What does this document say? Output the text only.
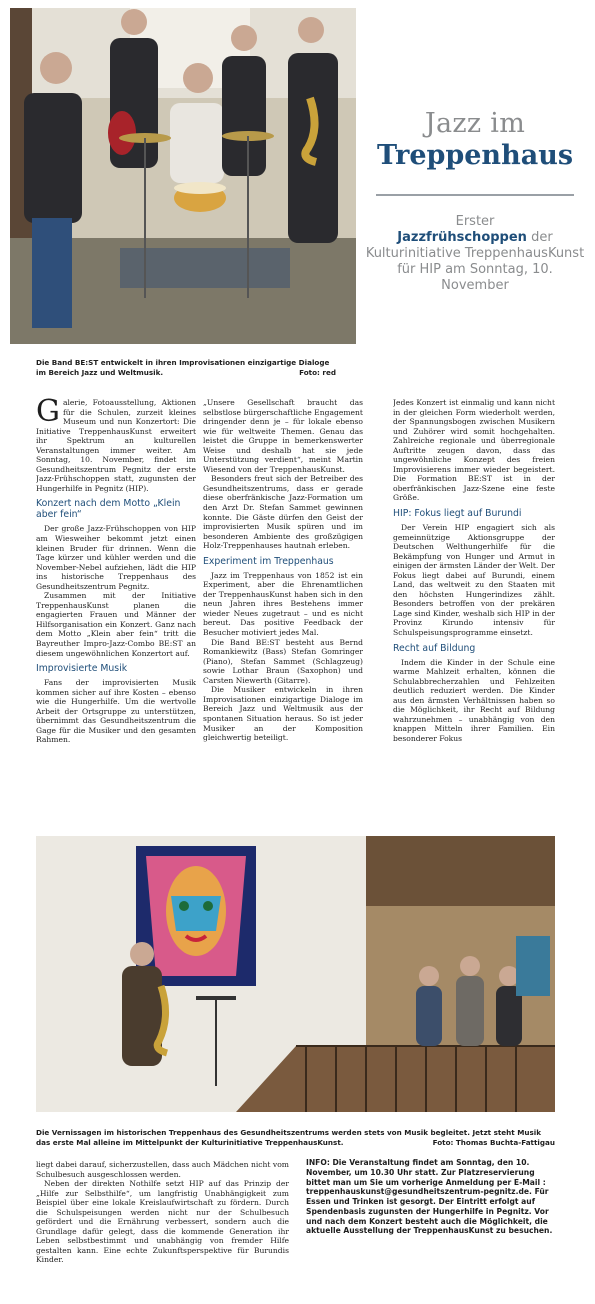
Jazz im
Treppenhaus
Erster
Jazzfrühschoppen der Kulturinitiative TreppenhausKunst für HIP am Sonntag, 10. November
Die Band BE:ST entwickelt in ihren Improvisationen einzigartige Dialoge im Bereich Jazz und Weltmusik.	Foto: red

Galerie, Fotoausstellung, Aktionen für die Schulen, zurzeit kleines Museum und nun Konzertort: Die Initiative TreppenhausKunst erweitert ihr Spektrum an kulturellen Veranstaltungen immer weiter. Am Sonntag, 10. November, findet im Gesundheitszentrum Pegnitz der erste Jazz-Frühschoppen statt, zugunsten der Hungerhilfe in Pegnitz (HIP).

Konzert nach dem Motto „Klein aber fein“

Der große Jazz-Frühschoppen von HIP am Wiesweiher bekommt jetzt einen kleinen Bruder für drinnen. Wenn die Tage kürzer und kühler werden und die November-Nebel aufziehen, lädt die HIP ins historische Treppenhaus des Gesundheitszentrum Pegnitz.

Zusammen mit der Initiative TreppenhausKunst planen die engagierten Frauen und Männer der Hilfsorganisation ein Konzert. Ganz nach dem Motto „Klein aber fein“ tritt die Bayreuther Impro-Jazz-Combo BE:ST an diesem ungewöhnlichen Konzertort auf.

Improvisierte Musik

Fans der improvisierten Musik kommen sicher auf ihre Kosten – ebenso wie die Hungerhilfe. Um die wertvolle Arbeit der Ortsgruppe zu unterstützen, übernimmt das Gesundheitszentrum die Gage für die Musiker und den gesamten Rahmen.

„Unsere Gesellschaft braucht das selbstlose bürgerschaftliche Engagement dringender denn je – für lokale ebenso wie für weltweite Themen. Genau das leistet die Gruppe in bemerkenswerter Weise und deshalb hat sie jede Unterstützung verdient“, meint Martin Wiesend von der TreppenhausKunst.

Besonders freut sich der Betreiber des Gesundheitszentrums, dass er gerade diese oberfränkische Jazz-Formation um den Arzt Dr. Stefan Sammet gewinnen konnte. Die Gäste dürfen den Geist der improvisierten Musik spüren und im besonderen Ambiente des großzügigen Holz-Treppenhauses hautnah erleben.

Experiment im Treppenhaus

Jazz im Treppenhaus von 1852 ist ein Experiment, aber die Ehrenamtlichen der TreppenhausKunst haben sich in den neun Jahren ihres Bestehens immer wieder Neues zugetraut – und es nicht bereut. Das positive Feedback der Besucher motiviert jedes Mal.

Die Band BE:ST besteht aus Bernd Romankiewitz (Bass) Stefan Gomringer (Piano), Stefan Sammet (Schlagzeug) sowie Lothar Braun (Saxophon) und Carsten Niewerth (Gitarre).

Die Musiker entwickeln in ihren Improvisationen einzigartige Dialoge im Bereich Jazz und Weltmusik aus der spontanen Situation heraus. So ist jeder Musiker an der Komposition gleichwertig beteiligt.

Jedes Konzert ist einmalig und kann nicht in der gleichen Form wiederholt werden, der Spannungsbogen zwischen Musikern und Zuhörer wird somit hochgehalten. Zahlreiche regionale und überregionale Auftritte zeugen davon, dass das ungewöhnliche Konzept des freien Improvisierens immer wieder begeistert. Die Formation BE:ST ist in der oberfränkischen Jazz-Szene eine feste Größe.

HIP: Fokus liegt auf Burundi

Der Verein HIP engagiert sich als gemeinnützige Aktionsgruppe der Deutschen Welthungerhilfe für die Bekämpfung von Hunger und Armut in einigen der ärmsten Länder der Welt. Der Fokus liegt dabei auf Burundi, einem Land, das weltweit zu den Staaten mit den höchsten Hungerindizes zählt. Besonders betroffen von der prekären Lage sind Kinder, weshalb sich HIP in der Provinz Kirundo intensiv für Schulspeisungsprogramme einsetzt.

Recht auf Bildung

Indem die Kinder in der Schule eine warme Mahlzeit erhalten, können die Schulabbrecherzahlen und Fehlzeiten deutlich reduziert werden. Die Kinder aus den ärmsten Verhältnissen haben so die Möglichkeit, ihr Recht auf Bildung wahrzunehmen – unabhängig von den knappen Mitteln ihrer Familien. Ein besonderer Fokus

Die Vernissagen im historischen Treppenhaus des Gesundheitszentrums werden stets von Musik begleitet. Jetzt steht Musik das erste Mal alleine im Mittelpunkt der Kulturinitiative TreppenhausKunst.	Foto: Thomas Buchta-Fattigau

liegt dabei darauf, sicherzustellen, dass auch Mädchen nicht vom Schulbesuch ausgeschlossen werden.

Neben der direkten Nothilfe setzt HIP auf das Prinzip der „Hilfe zur Selbsthilfe“, um langfristig Unabhängigkeit zum Beispiel über eine lokale Kreislaufwirtschaft zu fördern. Durch die Schulspeisungen werden nicht nur der Schulbesuch gefördert und die Ernährung verbessert, sondern auch die Grundlage dafür gelegt, dass die kommende Generation ihr Leben selbstbestimmt und unabhängig von fremder Hilfe gestalten kann. Eine echte Zukunftsperspektive für Burundis Kinder.

INFO: Die Veranstaltung findet am Sonntag, den 10. November, um 10.30 Uhr statt. Zur Platzreservierung bittet man um Sie um vorherige Anmeldung per E-Mail : treppenhauskunst@gesundheitszentrum-pegnitz.de. Für Essen und Trinken ist gesorgt. Der Eintritt erfolgt auf Spendenbasis zugunsten der Hungerhilfe in Pegnitz. Vor und nach dem Konzert besteht auch die Möglichkeit, die aktuelle Ausstellung der TreppenhausKunst zu besuchen.
